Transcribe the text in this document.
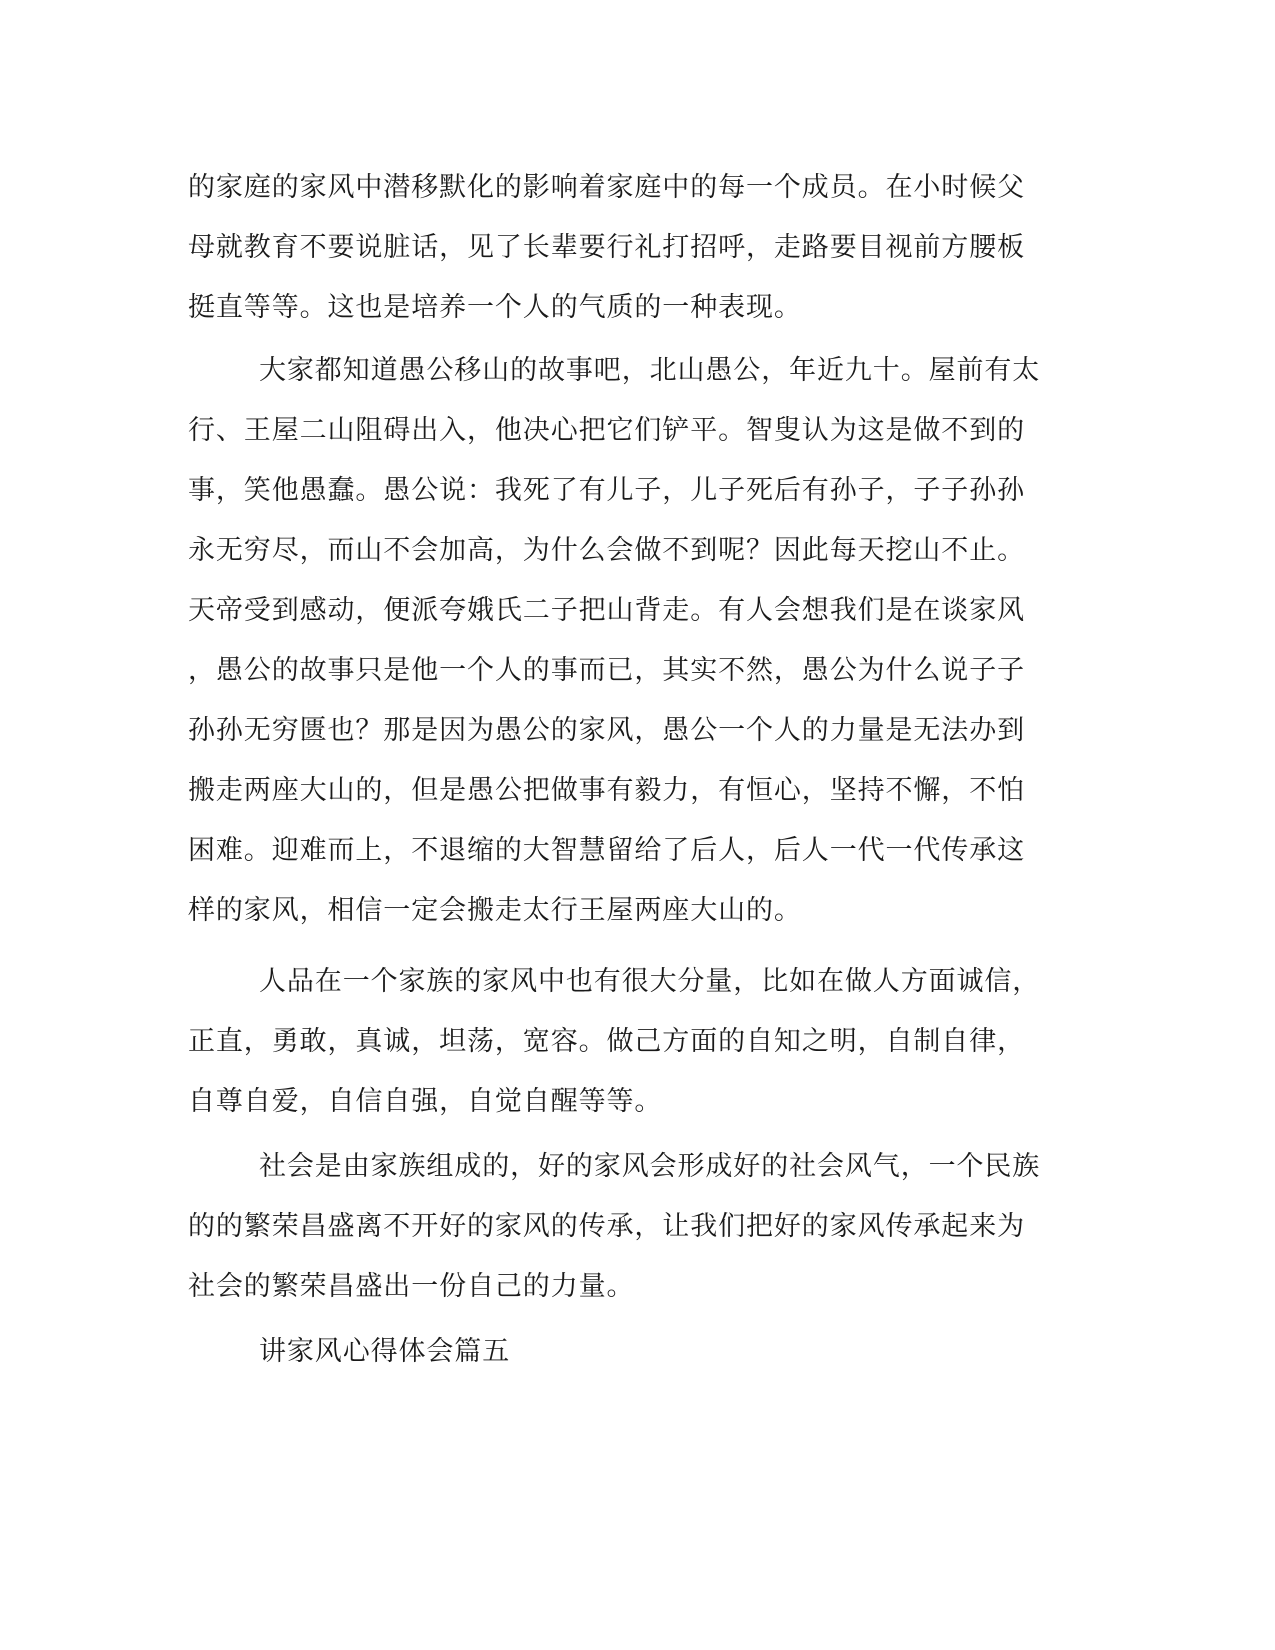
的家庭的家风中潜移默化的影响着家庭中的每一个成员。在小时候父
母就教育不要说脏话，见了长辈要行礼打招呼，走路要目视前方腰板
挺直等等。这也是培养一个人的气质的一种表现。
大家都知道愚公移山的故事吧，北山愚公，年近九十。屋前有太
行、王屋二山阻碍出入，他决心把它们铲平。智叟认为这是做不到的
事，笑他愚蠢。愚公说：我死了有儿子，儿子死后有孙子，子子孙孙
永无穷尽，而山不会加高，为什么会做不到呢？因此每天挖山不止。
天帝受到感动，便派夸娥氏二子把山背走。有人会想我们是在谈家风
，愚公的故事只是他一个人的事而已，其实不然，愚公为什么说子子
孙孙无穷匮也？那是因为愚公的家风，愚公一个人的力量是无法办到
搬走两座大山的，但是愚公把做事有毅力，有恒心，坚持不懈，不怕
困难。迎难而上，不退缩的大智慧留给了后人，后人一代一代传承这
样的家风，相信一定会搬走太行王屋两座大山的。
人品在一个家族的家风中也有很大分量，比如在做人方面诚信，
正直，勇敢，真诚，坦荡，宽容。做己方面的自知之明，自制自律，
自尊自爱，自信自强，自觉自醒等等。
社会是由家族组成的，好的家风会形成好的社会风气，一个民族
的的繁荣昌盛离不开好的家风的传承，让我们把好的家风传承起来为
社会的繁荣昌盛出一份自己的力量。
讲家风心得体会篇五
